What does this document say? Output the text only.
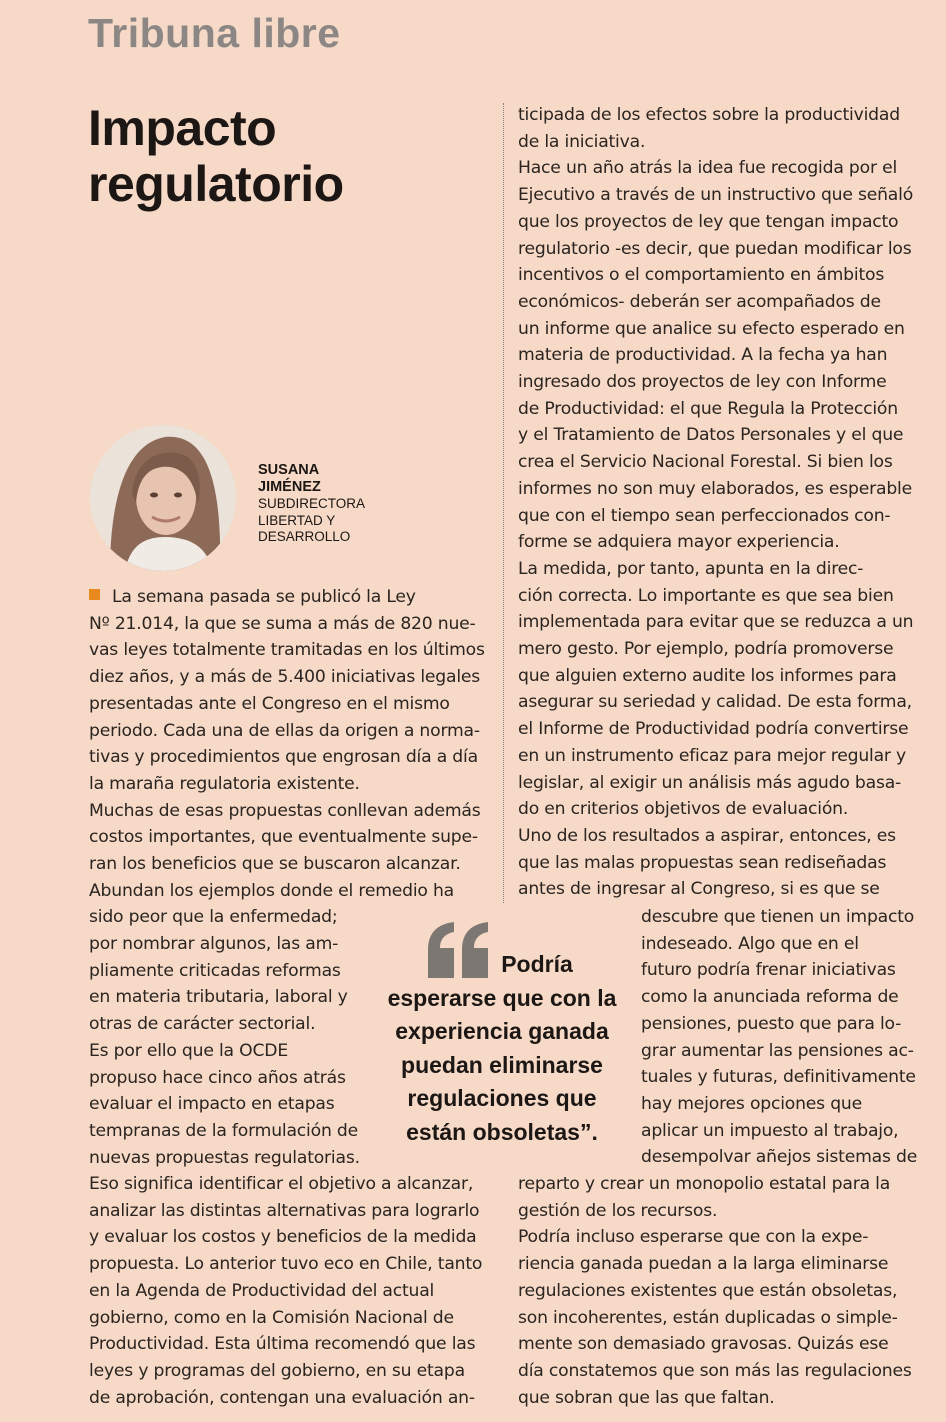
Tribuna libre
Impacto
regulatorio
SUSANA
JIMÉNEZ
SUBDIRECTORA
LIBERTAD Y
DESARROLLO

La semana pasada se publicó la Ley

Nº 21.014, la que se suma a más de 820 nue-

vas leyes totalmente tramitadas en los últimos

diez años, y a más de 5.400 iniciativas legales

presentadas ante el Congreso en el mismo

periodo. Cada una de ellas da origen a norma-

tivas y procedimientos que engrosan día a día

la maraña regulatoria existente.

Muchas de esas propuestas conllevan además

costos importantes, que eventualmente supe-

ran los beneficios que se buscaron alcanzar.

Abundan los ejemplos donde el remedio ha

sido peor que la enfermedad;

por nombrar algunos, las am-

pliamente criticadas reformas

en materia tributaria, laboral y

otras de carácter sectorial.

Es por ello que la OCDE

propuso hace cinco años atrás

evaluar el impacto en etapas

tempranas de la formulación de

nuevas propuestas regulatorias.

Eso significa identificar el objetivo a alcanzar,

analizar las distintas alternativas para lograrlo

y evaluar los costos y beneficios de la medida

propuesta. Lo anterior tuvo eco en Chile, tanto

en la Agenda de Productividad del actual

gobierno, como en la Comisión Nacional de

Productividad. Esta última recomendó que las

leyes y programas del gobierno, en su etapa

de aprobación, contengan una evaluación an-

ticipada de los efectos sobre la productividad

de la iniciativa.

Hace un año atrás la idea fue recogida por el

Ejecutivo a través de un instructivo que señaló

que los proyectos de ley que tengan impacto

regulatorio -es decir, que puedan modificar los

incentivos o el comportamiento en ámbitos

económicos- deberán ser acompañados de

un informe que analice su efecto esperado en

materia de productividad. A la fecha ya han

ingresado dos proyectos de ley con Informe

de Productividad: el que Regula la Protección

y el Tratamiento de Datos Personales y el que

crea el Servicio Nacional Forestal. Si bien los

informes no son muy elaborados, es esperable

que con el tiempo sean perfeccionados con-

forme se adquiera mayor experiencia.

La medida, por tanto, apunta en la direc-

ción correcta. Lo importante es que sea bien

implementada para evitar que se reduzca a un

mero gesto. Por ejemplo, podría promoverse

que alguien externo audite los informes para

asegurar su seriedad y calidad. De esta forma,

el Informe de Productividad podría convertirse

en un instrumento eficaz para mejor regular y

legislar, al exigir un análisis más agudo basa-

do en criterios objetivos de evaluación.

Uno de los resultados a aspirar, entonces, es

que las malas propuestas sean rediseñadas

antes de ingresar al Congreso, si es que se

descubre que tienen un impacto

indeseado. Algo que en el

futuro podría frenar iniciativas

como la anunciada reforma de

pensiones, puesto que para lo-

grar aumentar las pensiones ac-

tuales y futuras, definitivamente

hay mejores opciones que

aplicar un impuesto al trabajo,

desempolvar añejos sistemas de

reparto y crear un monopolio estatal para la

gestión de los recursos.

Podría incluso esperarse que con la expe-

riencia ganada puedan a la larga eliminarse

regulaciones existentes que están obsoletas,

son incoherentes, están duplicadas o simple-

mente son demasiado gravosas. Quizás ese

día constatemos que son más las regulaciones

que sobran que las que faltan.

Podría
esperarse que con la
experiencia ganada
puedan eliminarse
regulaciones que
están obsoletas”.
